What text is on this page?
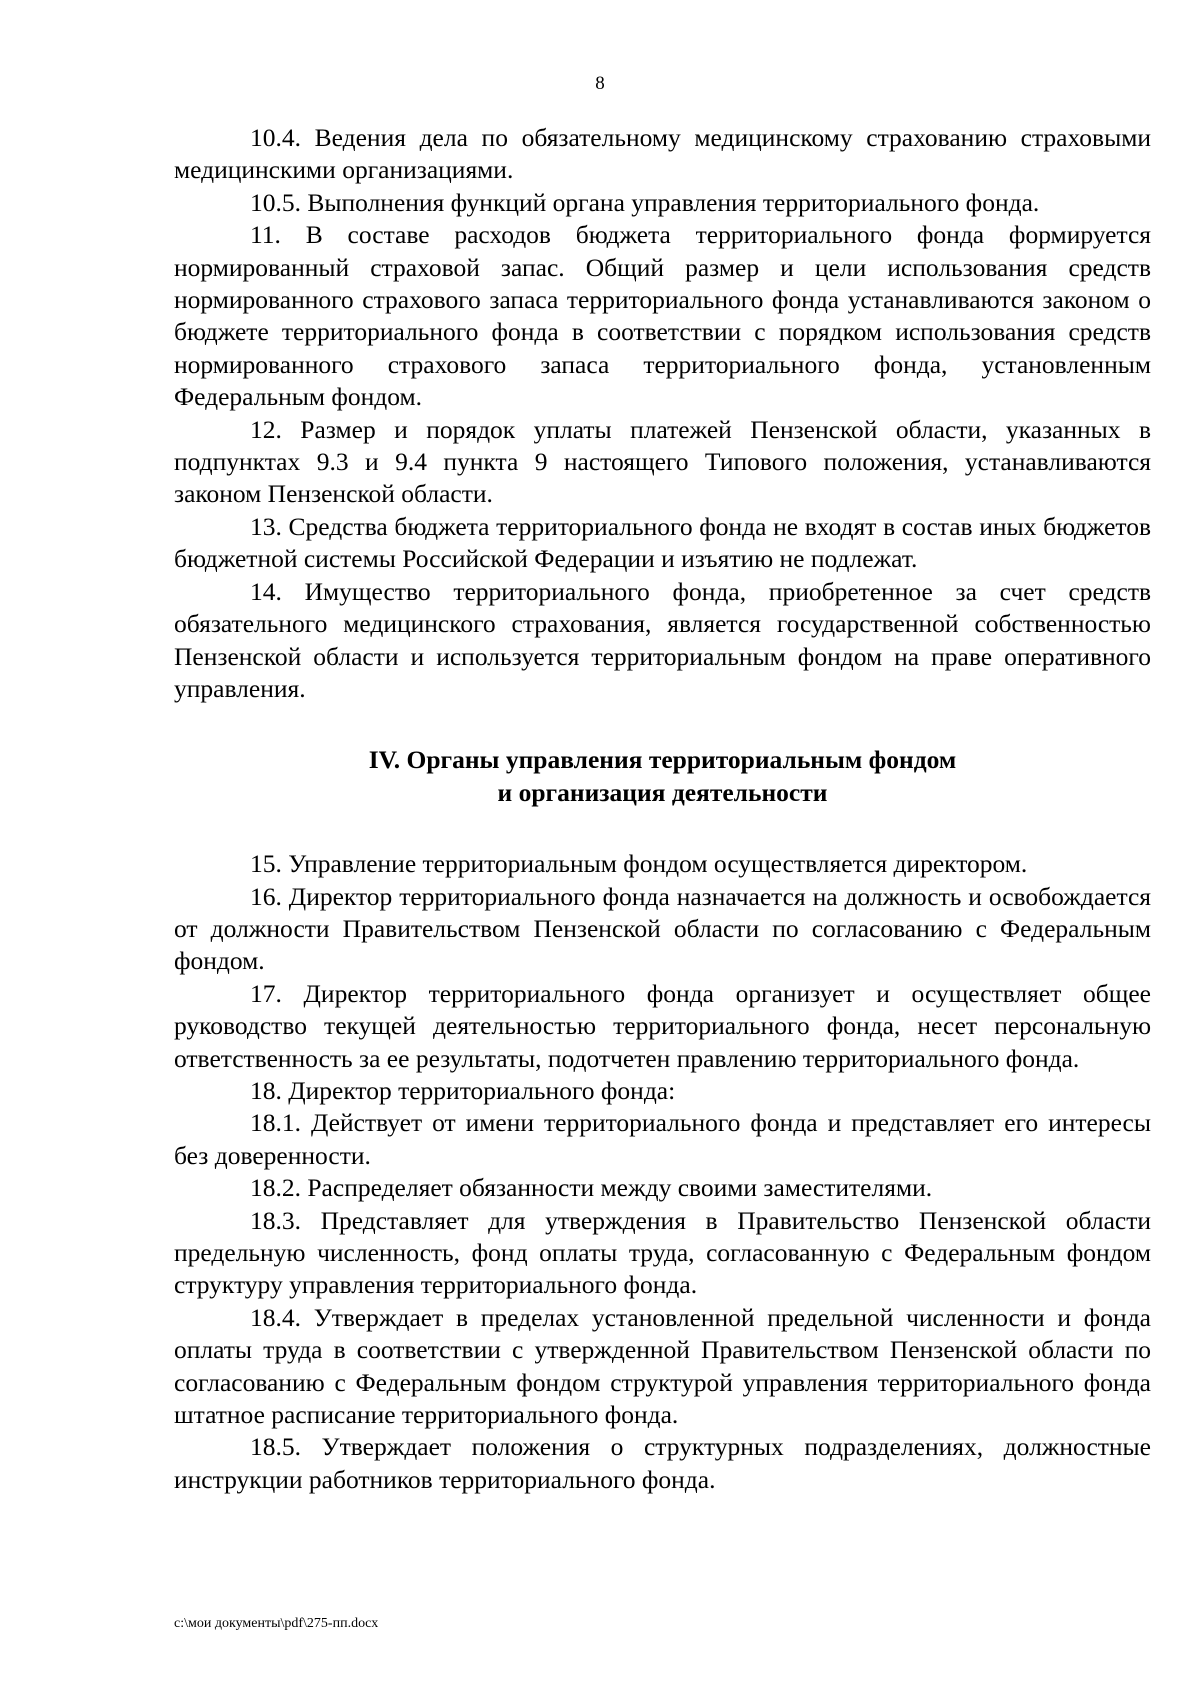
8

10.4. Ведения дела по обязательному медицинскому страхованию страховыми медицинскими организациями.

10.5. Выполнения функций органа управления территориального фонда.

11. В составе расходов бюджета территориального фонда формируется нормированный страховой запас. Общий размер и цели использования средств нормированного страхового запаса территориального фонда устанавливаются законом о бюджете территориального фонда в соответствии с порядком использования средств нормированного страхового запаса территориального фонда, установленным Федеральным фондом.

12. Размер и порядок уплаты платежей Пензенской области, указанных в подпунктах 9.3 и 9.4 пункта 9 настоящего Типового положения, устанавливаются законом Пензенской области.

13. Средства бюджета территориального фонда не входят в состав иных бюджетов бюджетной системы Российской Федерации и изъятию не подлежат.

14. Имущество территориального фонда, приобретенное за счет средств обязательного медицинского страхования, является государственной собственностью Пензенской области и используется территориальным фондом на праве оперативного управления.

IV. Органы управления территориальным фондом
и организация деятельности

15. Управление территориальным фондом осуществляется директором.

16. Директор территориального фонда назначается на должность и освобождается от должности Правительством Пензенской области по согласованию с Федеральным фондом.

17. Директор территориального фонда организует и осуществляет общее руководство текущей деятельностью территориального фонда, несет персональную ответственность за ее результаты, подотчетен правлению территориального фонда.

18. Директор территориального фонда:

18.1. Действует от имени территориального фонда и представляет его интересы без доверенности.

18.2. Распределяет обязанности между своими заместителями.

18.3. Представляет для утверждения в Правительство Пензенской области предельную численность, фонд оплаты труда, согласованную с Федеральным фондом структуру управления территориального фонда.

18.4. Утверждает в пределах установленной предельной численности и фонда оплаты труда в соответствии с утвержденной Правительством Пензенской области по согласованию с Федеральным фондом структурой управления территориального фонда штатное расписание территориального фонда.

18.5. Утверждает положения о структурных подразделениях, должностные инструкции работников территориального фонда.

c:\мои документы\pdf\275-пп.docx
